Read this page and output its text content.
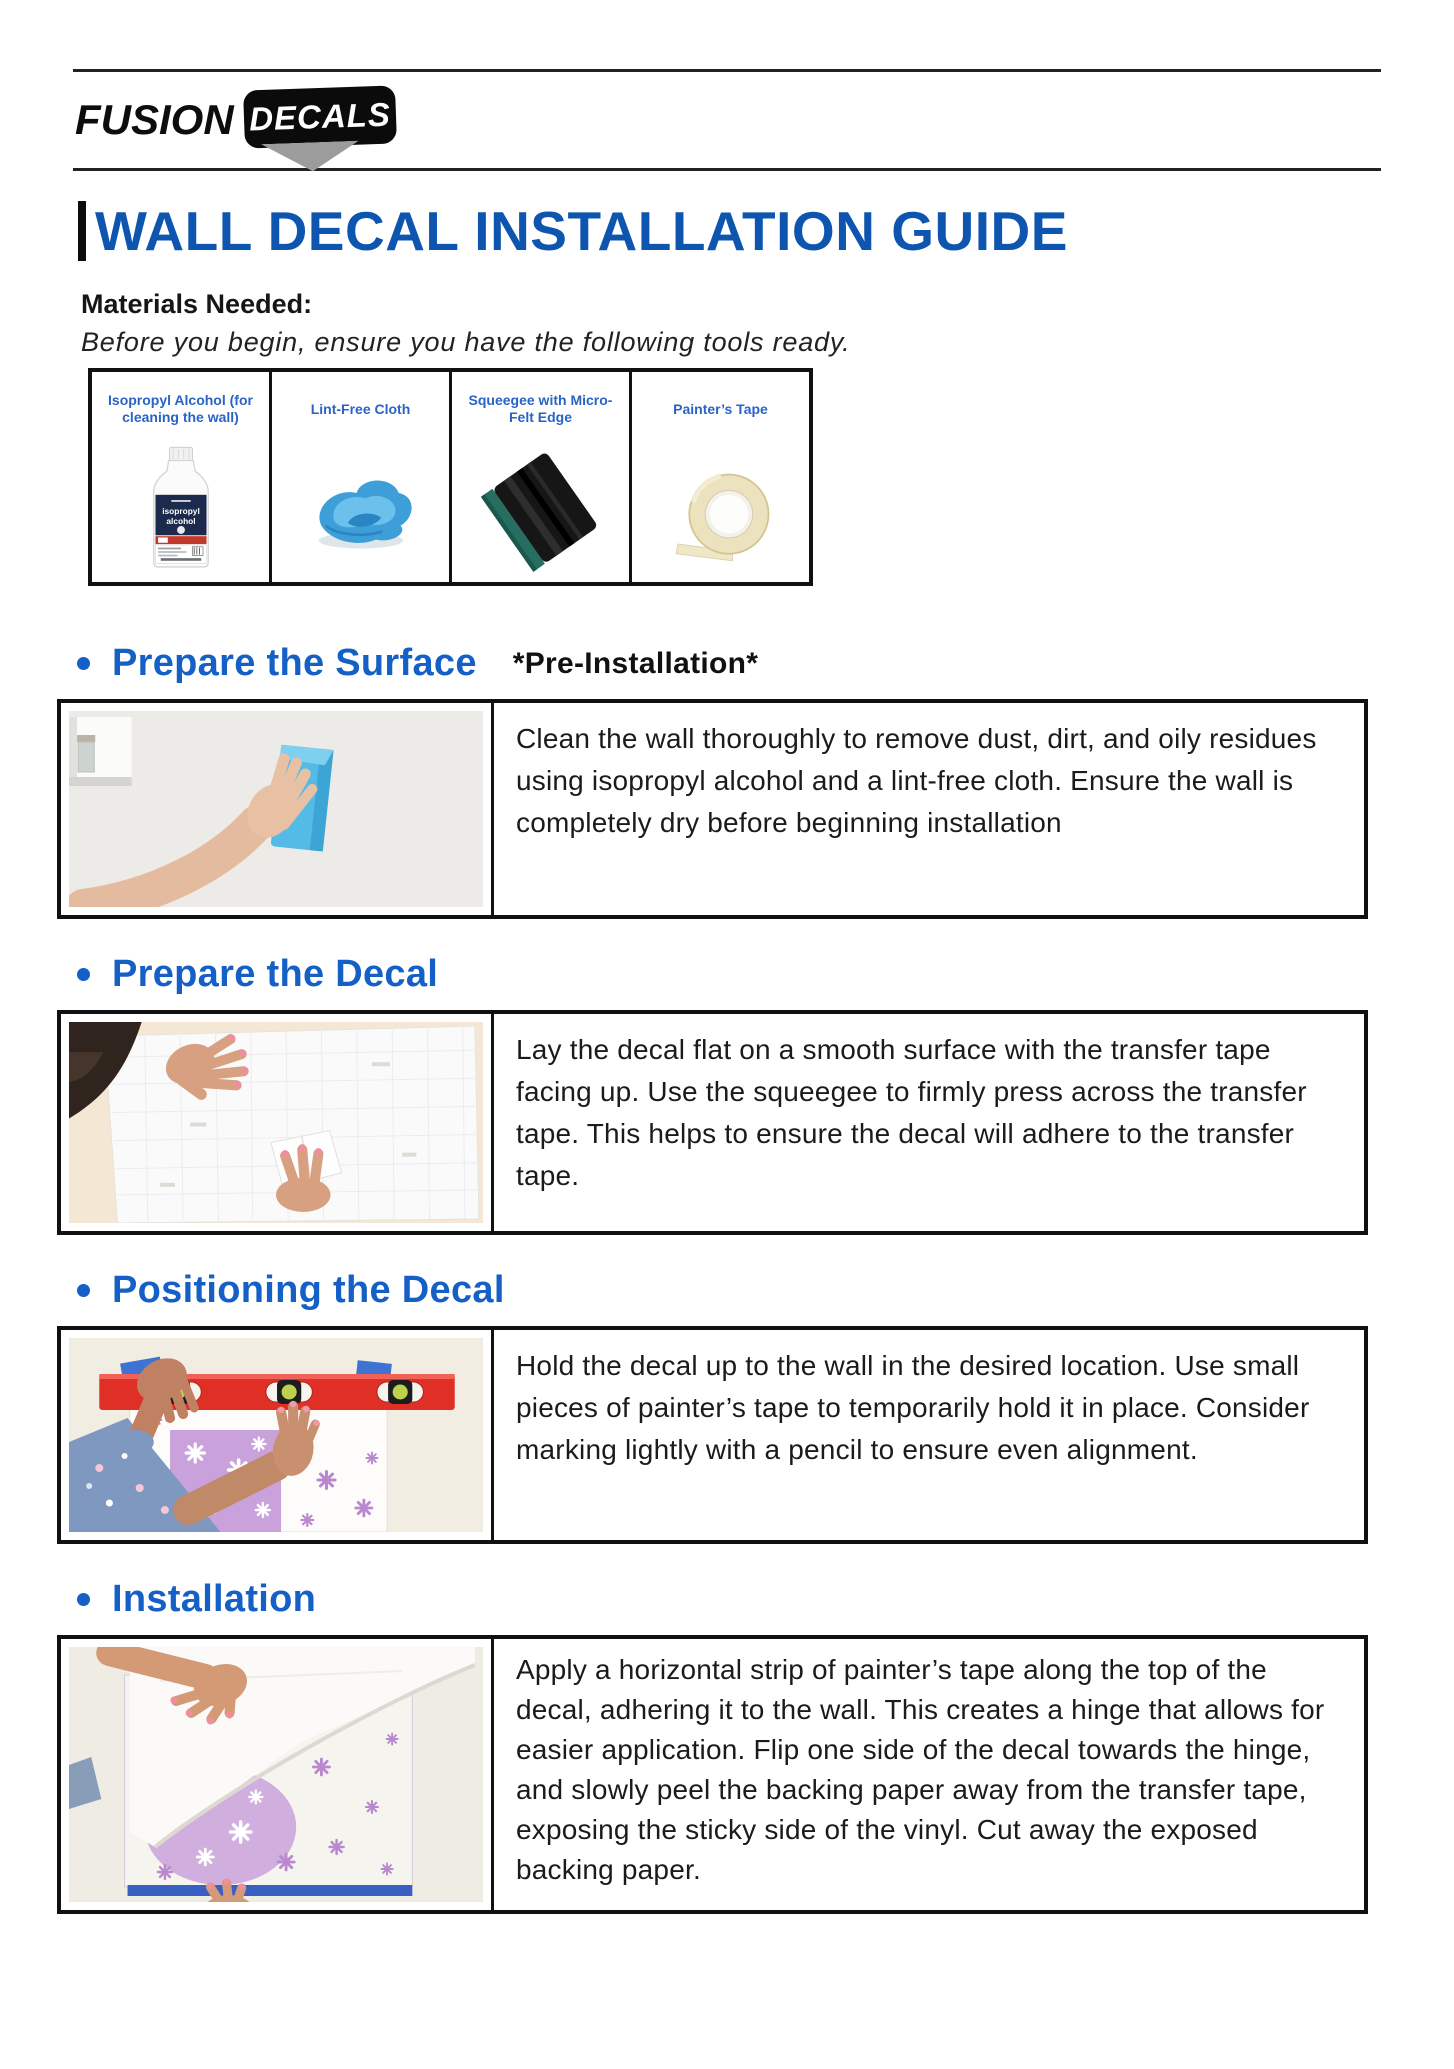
FUSION DECALS
WALL DECAL INSTALLATION GUIDE
Materials Needed:
Before you begin, ensure you have the following tools ready.
Isopropyl Alcohol (for cleaning the wall)
isopropyl
alcohol

Lint-Free Cloth

Squeegee with Micro-Felt Edge

Painter’s Tape
Prepare the Surface *Pre-Installation*
Clean the wall thoroughly to remove dust, dirt, and oily residues using isopropyl alcohol and a lint-free cloth. Ensure the wall is completely dry before beginning installation
Prepare the Decal
Lay the decal flat on a smooth surface with the transfer tape facing up. Use the squeegee to firmly press across the transfer tape. This helps to ensure the decal will adhere to the transfer tape.
Positioning the Decal
Hold the decal up to the wall in the desired location. Use small pieces of painter’s tape to temporarily hold it in place. Consider marking lightly with a pencil to ensure even alignment.
Installation
Apply a horizontal strip of painter’s tape along the top of the decal, adhering it to the wall. This creates a hinge that allows for easier application. Flip one side of the decal towards the hinge, and slowly peel the backing paper away from the transfer tape, exposing the sticky side of the vinyl. Cut away the exposed backing paper.
